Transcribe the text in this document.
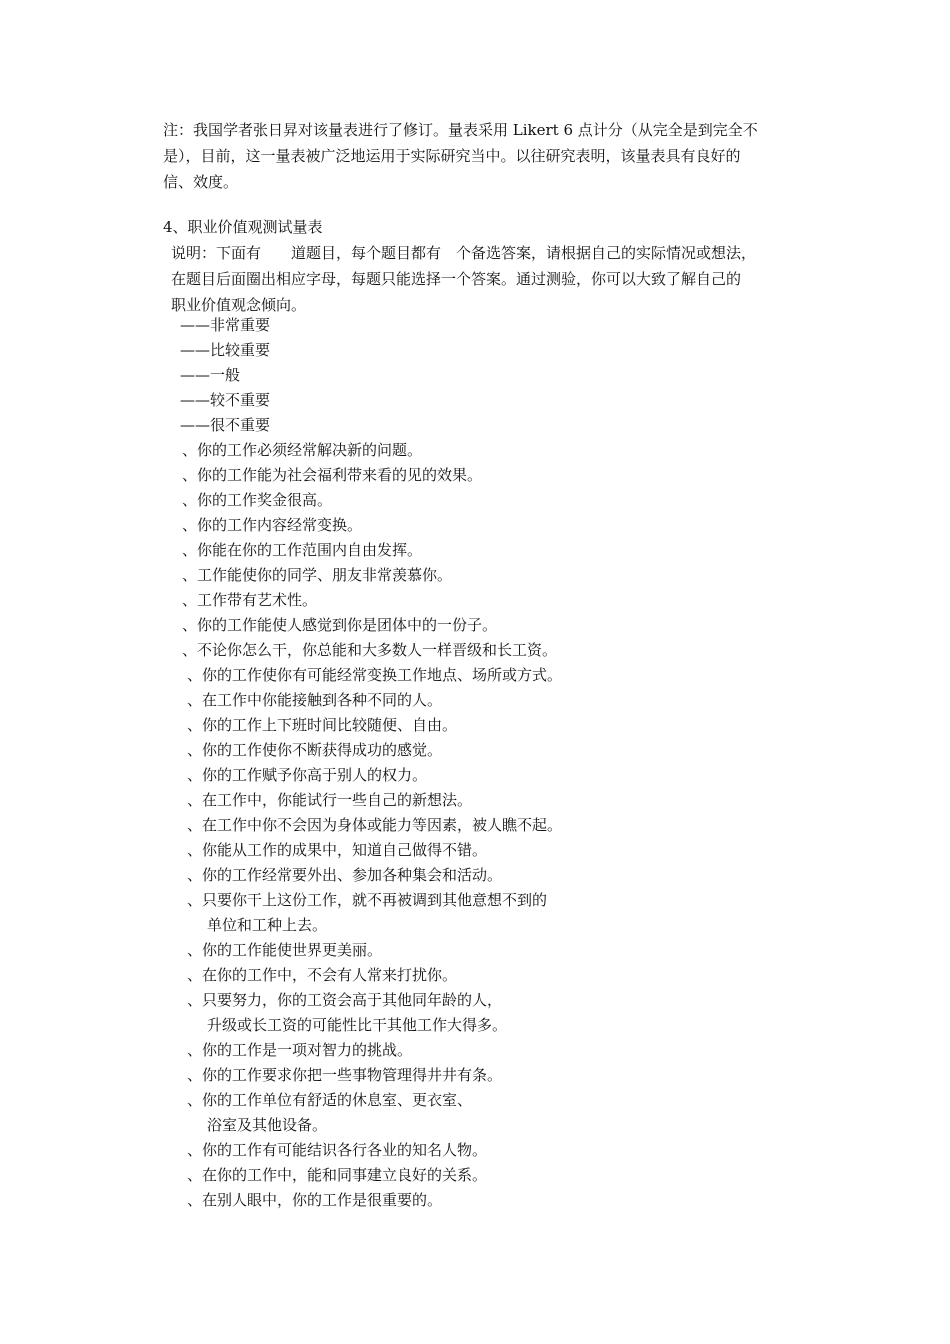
注：我国学者张日昇对该量表进行了修订。量表采用 Likert 6 点计分（从完全是到完全不

是），目前，这一量表被广泛地运用于实际研究当中。以往研究表明，该量表具有良好的

信、效度。

4、职业价值观测试量表

说明：下面有　　道题目，每个题目都有　个备选答案，请根据自己的实际情况或想法，

在题目后面圈出相应字母，每题只能选择一个答案。通过测验，你可以大致了解自己的

职业价值观念倾向。

——非常重要
——比较重要
——一般
——较不重要
——很不重要
、你的工作必须经常解决新的问题。
、你的工作能为社会福利带来看的见的效果。
、你的工作奖金很高。
、你的工作内容经常变换。
、你能在你的工作范围内自由发挥。
、工作能使你的同学、朋友非常羡慕你。
、工作带有艺术性。
、你的工作能使人感觉到你是团体中的一份子。
、不论你怎么干，你总能和大多数人一样晋级和长工资。
、你的工作使你有可能经常变换工作地点、场所或方式。
、在工作中你能接触到各种不同的人。
、你的工作上下班时间比较随便、自由。
、你的工作使你不断获得成功的感觉。
、你的工作赋予你高于别人的权力。
、在工作中，你能试行一些自己的新想法。
、在工作中你不会因为身体或能力等因素，被人瞧不起。
、你能从工作的成果中，知道自己做得不错。
、你的工作经常要外出、参加各种集会和活动。
、只要你干上这份工作，就不再被调到其他意想不到的
单位和工种上去。
、你的工作能使世界更美丽。
、在你的工作中，不会有人常来打扰你。
、只要努力，你的工资会高于其他同年龄的人，
升级或长工资的可能性比干其他工作大得多。
、你的工作是一项对智力的挑战。
、你的工作要求你把一些事物管理得井井有条。
、你的工作单位有舒适的休息室、更衣室、
浴室及其他设备。
、你的工作有可能结识各行各业的知名人物。
、在你的工作中，能和同事建立良好的关系。
、在别人眼中，你的工作是很重要的。
